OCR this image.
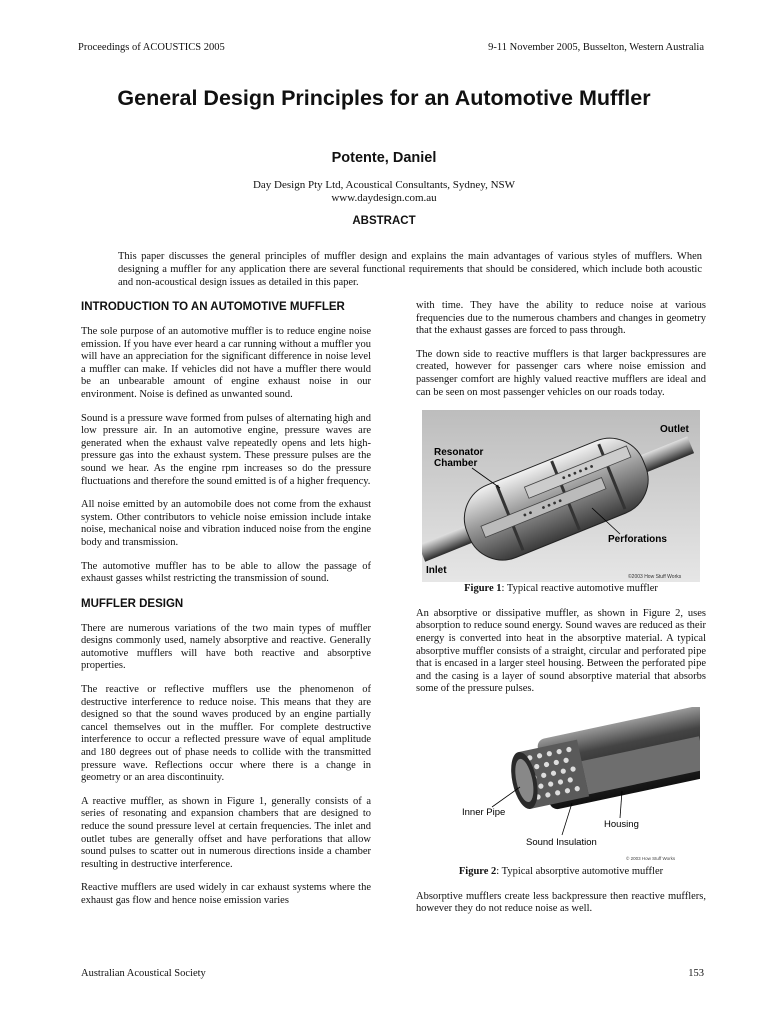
Proceedings of ACOUSTICS 2005	9-11 November 2005, Busselton, Western Australia
General Design Principles for an Automotive Muffler
Potente, Daniel
Day Design Pty Ltd, Acoustical Consultants, Sydney, NSW
www.daydesign.com.au
ABSTRACT
This paper discusses the general principles of muffler design and explains the main advantages of various styles of mufflers. When designing a muffler for any application there are several functional requirements that should be considered, which include both acoustic and non-acoustical design issues as detailed in this paper.
INTRODUCTION TO AN AUTOMOTIVE MUFFLER

The sole purpose of an automotive muffler is to reduce engine noise emission. If you have ever heard a car running without a muffler you will have an appreciation for the significant difference in noise level a muffler can make. If vehicles did not have a muffler there would be an unbearable amount of engine exhaust noise in our environment. Noise is defined as unwanted sound.

Sound is a pressure wave formed from pulses of alternating high and low pressure air. In an automotive engine, pressure waves are generated when the exhaust valve repeatedly opens and lets high-pressure gas into the exhaust system. These pressure pulses are the sound we hear. As the engine rpm increases so do the pressure fluctuations and therefore the sound emitted is of a higher frequency.

All noise emitted by an automobile does not come from the exhaust system. Other contributors to vehicle noise emission include intake noise, mechanical noise and vibration induced noise from the engine body and transmission.

The automotive muffler has to be able to allow the passage of exhaust gasses whilst restricting the transmission of sound.

MUFFLER DESIGN

There are numerous variations of the two main types of muffler designs commonly used, namely absorptive and reactive. Generally automotive mufflers will have both reactive and absorptive properties.

The reactive or reflective mufflers use the phenomenon of destructive interference to reduce noise. This means that they are designed so that the sound waves produced by an engine partially cancel themselves out in the muffler. For complete destructive interference to occur a reflected pressure wave of equal amplitude and 180 degrees out of phase needs to collide with the transmitted pressure wave. Reflections occur where there is a change in geometry or an area discontinuity.

A reactive muffler, as shown in Figure 1, generally consists of a series of resonating and expansion chambers that are designed to reduce the sound pressure level at certain frequencies. The inlet and outlet tubes are generally offset and have perforations that allow sound pulses to scatter out in numerous directions inside a chamber resulting in destructive interference.

Reactive mufflers are used widely in car exhaust systems where the exhaust gas flow and hence noise emission varies

with time. They have the ability to reduce noise at various frequencies due to the numerous chambers and changes in geometry that the exhaust gasses are forced to pass through.

The down side to reactive mufflers is that larger backpressures are created, however for passenger cars where noise emission and passenger comfort are highly valued reactive mufflers are ideal and can be seen on most passenger vehicles on our roads today.

Outlet
Resonator
Chamber
Perforations
Inlet
©2003 How Stuff Works
Figure 1: Typical reactive automotive muffler

An absorptive or dissipative muffler, as shown in Figure 2, uses absorption to reduce sound energy. Sound waves are reduced as their energy is converted into heat in the absorptive material. A typical absorptive muffler consists of a straight, circular and perforated pipe that is encased in a larger steel housing. Between the perforated pipe and the casing is a layer of sound absorptive material that absorbs some of the pressure pulses.

Inner Pipe
Housing
Sound Insulation
© 2003 How Stuff Works
Figure 2: Typical absorptive automotive muffler

Absorptive mufflers create less backpressure then reactive mufflers, however they do not reduce noise as well.

Australian Acoustical Society	153
